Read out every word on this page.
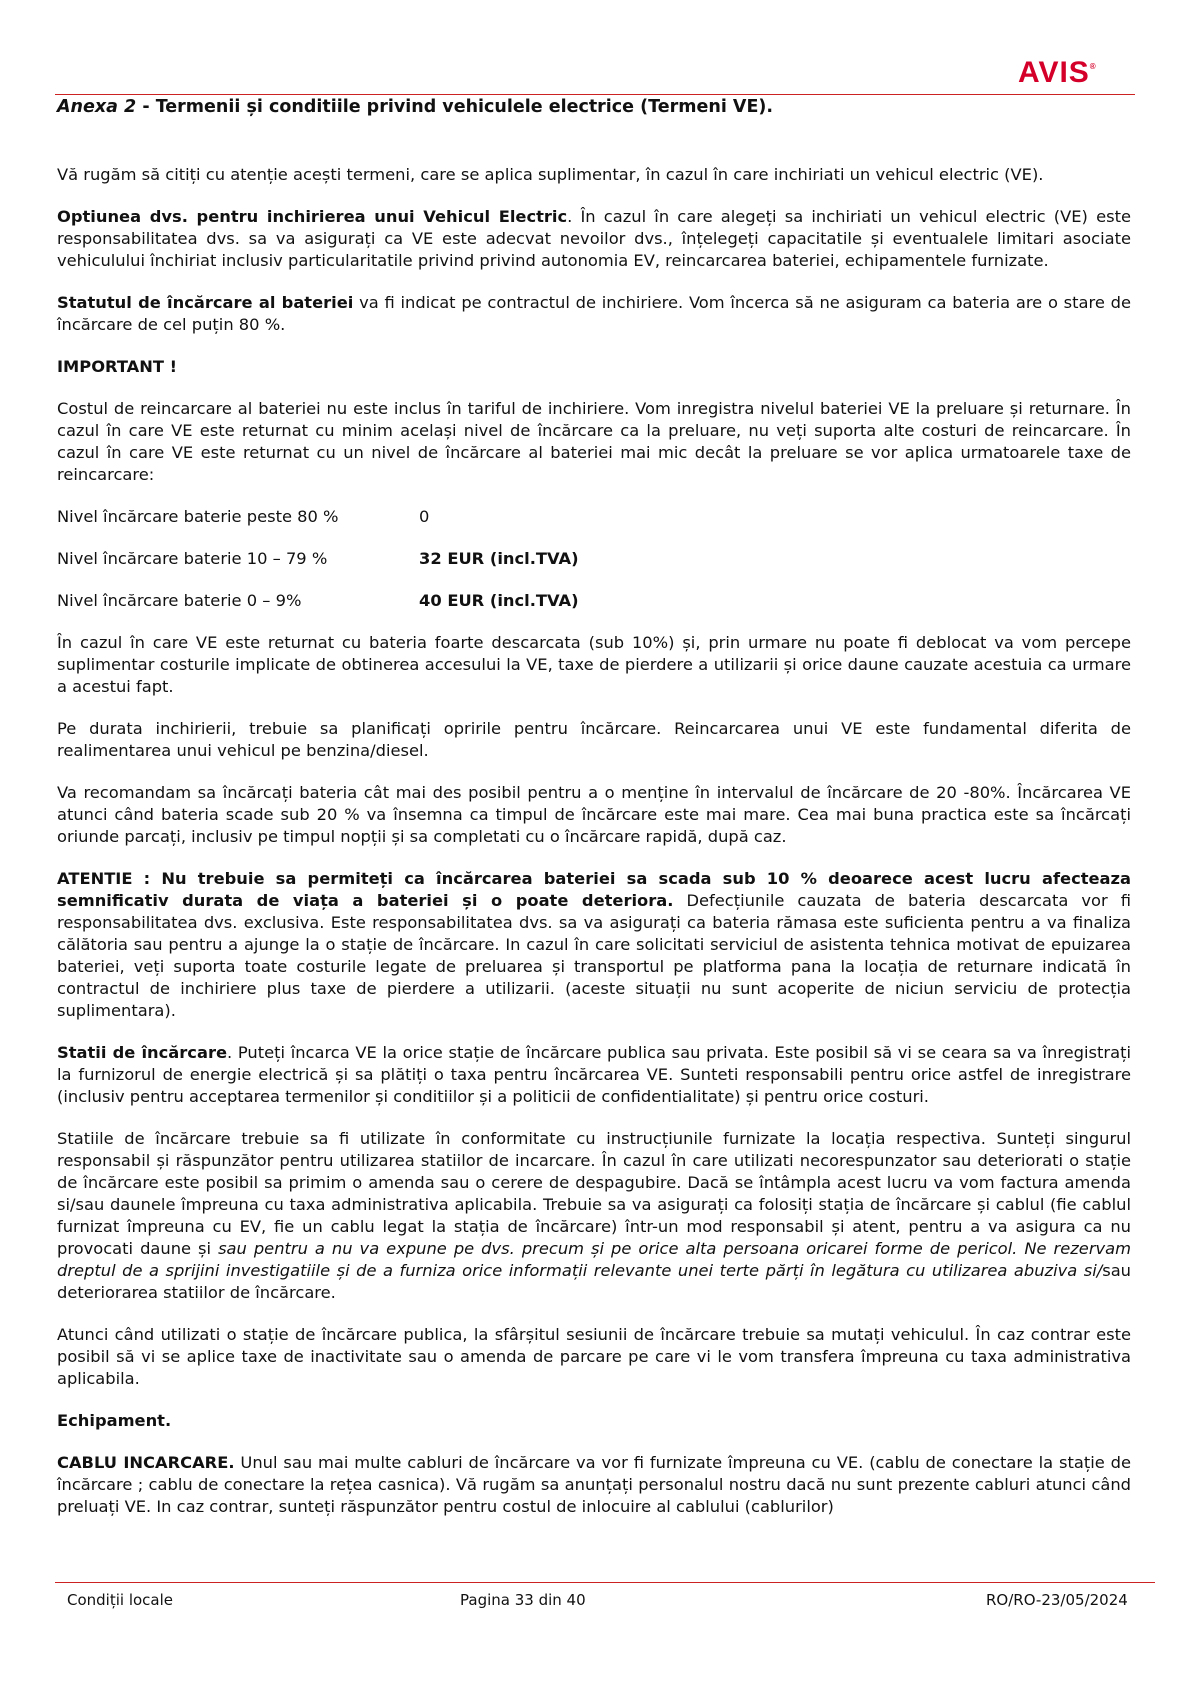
AVIS®
Anexa 2 - Termenii și conditiile privind vehiculele electrice (Termeni VE).

Vă rugăm să citiți cu atenție acești termeni, care se aplica suplimentar, în cazul în care inchiriati un vehicul electric (VE).

Optiunea dvs. pentru inchirierea unui Vehicul Electric. În cazul în care alegeți sa inchiriati un vehicul electric (VE) este responsabilitatea dvs. sa va asigurați ca VE este adecvat nevoilor dvs., înțelegeți capacitatile și eventualele limitari asociate vehiculului închiriat inclusiv particularitatile privind privind autonomia EV, reincarcarea bateriei, echipamentele furnizate.

Statutul de încărcare al bateriei va fi indicat pe contractul de inchiriere. Vom încerca să ne asiguram ca bateria are o stare de încărcare de cel puțin 80 %.

IMPORTANT !

Costul de reincarcare al bateriei nu este inclus în tariful de inchiriere. Vom inregistra nivelul bateriei VE la preluare și returnare. În cazul în care VE este returnat cu minim același nivel de încărcare ca la preluare, nu veți suporta alte costuri de reincarcare. În cazul în care VE este returnat cu un nivel de încărcare al bateriei mai mic decât la preluare se vor aplica urmatoarele taxe de reincarcare:

Nivel încărcare baterie peste 80 %	0
Nivel încărcare baterie 10 – 79 %	32 EUR (incl.TVA)
Nivel încărcare baterie 0 – 9%	40 EUR (incl.TVA)

În cazul în care VE este returnat cu bateria foarte descarcata (sub 10%) și, prin urmare nu poate fi deblocat va vom percepe suplimentar costurile implicate de obtinerea accesului la VE, taxe de pierdere a utilizarii și orice daune cauzate acestuia ca urmare a acestui fapt.

Pe durata inchirierii, trebuie sa planificați opririle pentru încărcare. Reincarcarea unui VE este fundamental diferita de realimentarea unui vehicul pe benzina/diesel.

Va recomandam sa încărcați bateria cât mai des posibil pentru a o menține în intervalul de încărcare de 20 -80%. Încărcarea VE atunci când bateria scade sub 20 % va însemna ca timpul de încărcare este mai mare. Cea mai buna practica este sa încărcați oriunde parcați, inclusiv pe timpul nopții și sa completati cu o încărcare rapidă, după caz.

ATENTIE : Nu trebuie sa permiteți ca încărcarea bateriei sa scada sub 10 % deoarece acest lucru afecteaza semnificativ durata de viața a bateriei și o poate deteriora. Defecțiunile cauzata de bateria descarcata vor fi responsabilitatea dvs. exclusiva. Este responsabilitatea dvs. sa va asigurați ca bateria rămasa este suficienta pentru a va finaliza călătoria sau pentru a ajunge la o stație de încărcare. In cazul în care solicitati serviciul de asistenta tehnica motivat de epuizarea bateriei, veți suporta toate costurile legate de preluarea și transportul pe platforma pana la locația de returnare indicată în contractul de inchiriere plus taxe de pierdere a utilizarii. (aceste situații nu sunt acoperite de niciun serviciu de protecția suplimentara).

Statii de încărcare. Puteți încarca VE la orice stație de încărcare publica sau privata. Este posibil să vi se ceara sa va înregistrați la furnizorul de energie electrică și sa plătiți o taxa pentru încărcarea VE. Sunteti responsabili pentru orice astfel de inregistrare (inclusiv pentru acceptarea termenilor și conditiilor și a politicii de confidentialitate) și pentru orice costuri.

Statiile de încărcare trebuie sa fi utilizate în conformitate cu instrucțiunile furnizate la locația respectiva. Sunteți singurul responsabil și răspunzător pentru utilizarea statiilor de incarcare. În cazul în care utilizati necorespunzator sau deteriorati o stație de încărcare este posibil sa primim o amenda sau o cerere de despagubire. Dacă se întâmpla acest lucru va vom factura amenda si/sau daunele împreuna cu taxa administrativa aplicabila. Trebuie sa va asigurați ca folosiți stația de încărcare și cablul (fie cablul furnizat împreuna cu EV, fie un cablu legat la stația de încărcare) într-un mod responsabil și atent, pentru a va asigura ca nu provocati daune și sau pentru a nu va expune pe dvs. precum și pe orice alta persoana oricarei forme de pericol. Ne rezervam dreptul de a sprijini investigatiile și de a furniza orice informații relevante unei terte părți în legătura cu utilizarea abuziva si/sau deteriorarea statiilor de încărcare.

Atunci când utilizati o stație de încărcare publica, la sfârșitul sesiunii de încărcare trebuie sa mutați vehiculul. În caz contrar este posibil să vi se aplice taxe de inactivitate sau o amenda de parcare pe care vi le vom transfera împreuna cu taxa administrativa aplicabila.

Echipament.

CABLU INCARCARE. Unul sau mai multe cabluri de încărcare va vor fi furnizate împreuna cu VE. (cablu de conectare la stație de încărcare ; cablu de conectare la rețea casnica). Vă rugăm sa anunțați personalul nostru dacă nu sunt prezente cabluri atunci când preluați VE. In caz contrar, sunteți răspunzător pentru costul de inlocuire al cablului (cablurilor)

Condiții locale	Pagina 33 din 40	RO/RO-23/05/2024
